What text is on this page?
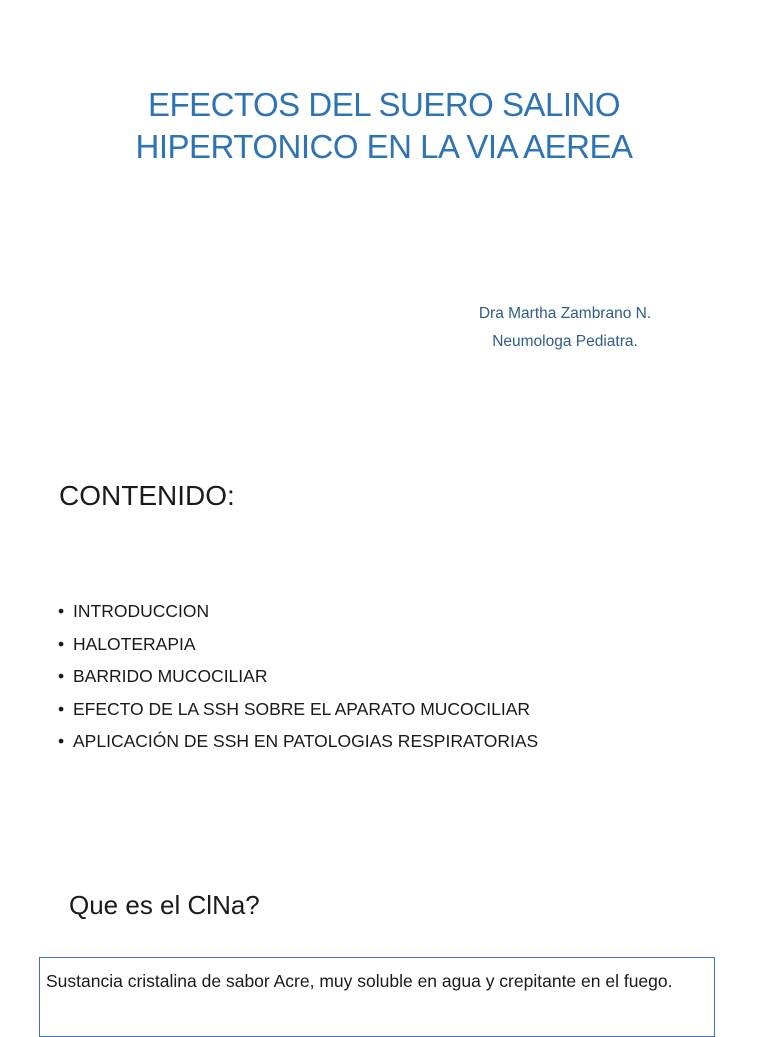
EFECTOS DEL SUERO SALINO
HIPERTONICO EN LA VIA AEREA
Dra Martha Zambrano N.
Neumologa Pediatra.
CONTENIDO:
• INTRODUCCION
• HALOTERAPIA
• BARRIDO MUCOCILIAR
• EFECTO DE LA SSH SOBRE EL APARATO MUCOCILIAR
• APLICACIÓN DE SSH EN PATOLOGIAS RESPIRATORIAS
Que es el ClNa?
Sustancia cristalina de sabor Acre, muy soluble en agua y crepitante en el fuego.
